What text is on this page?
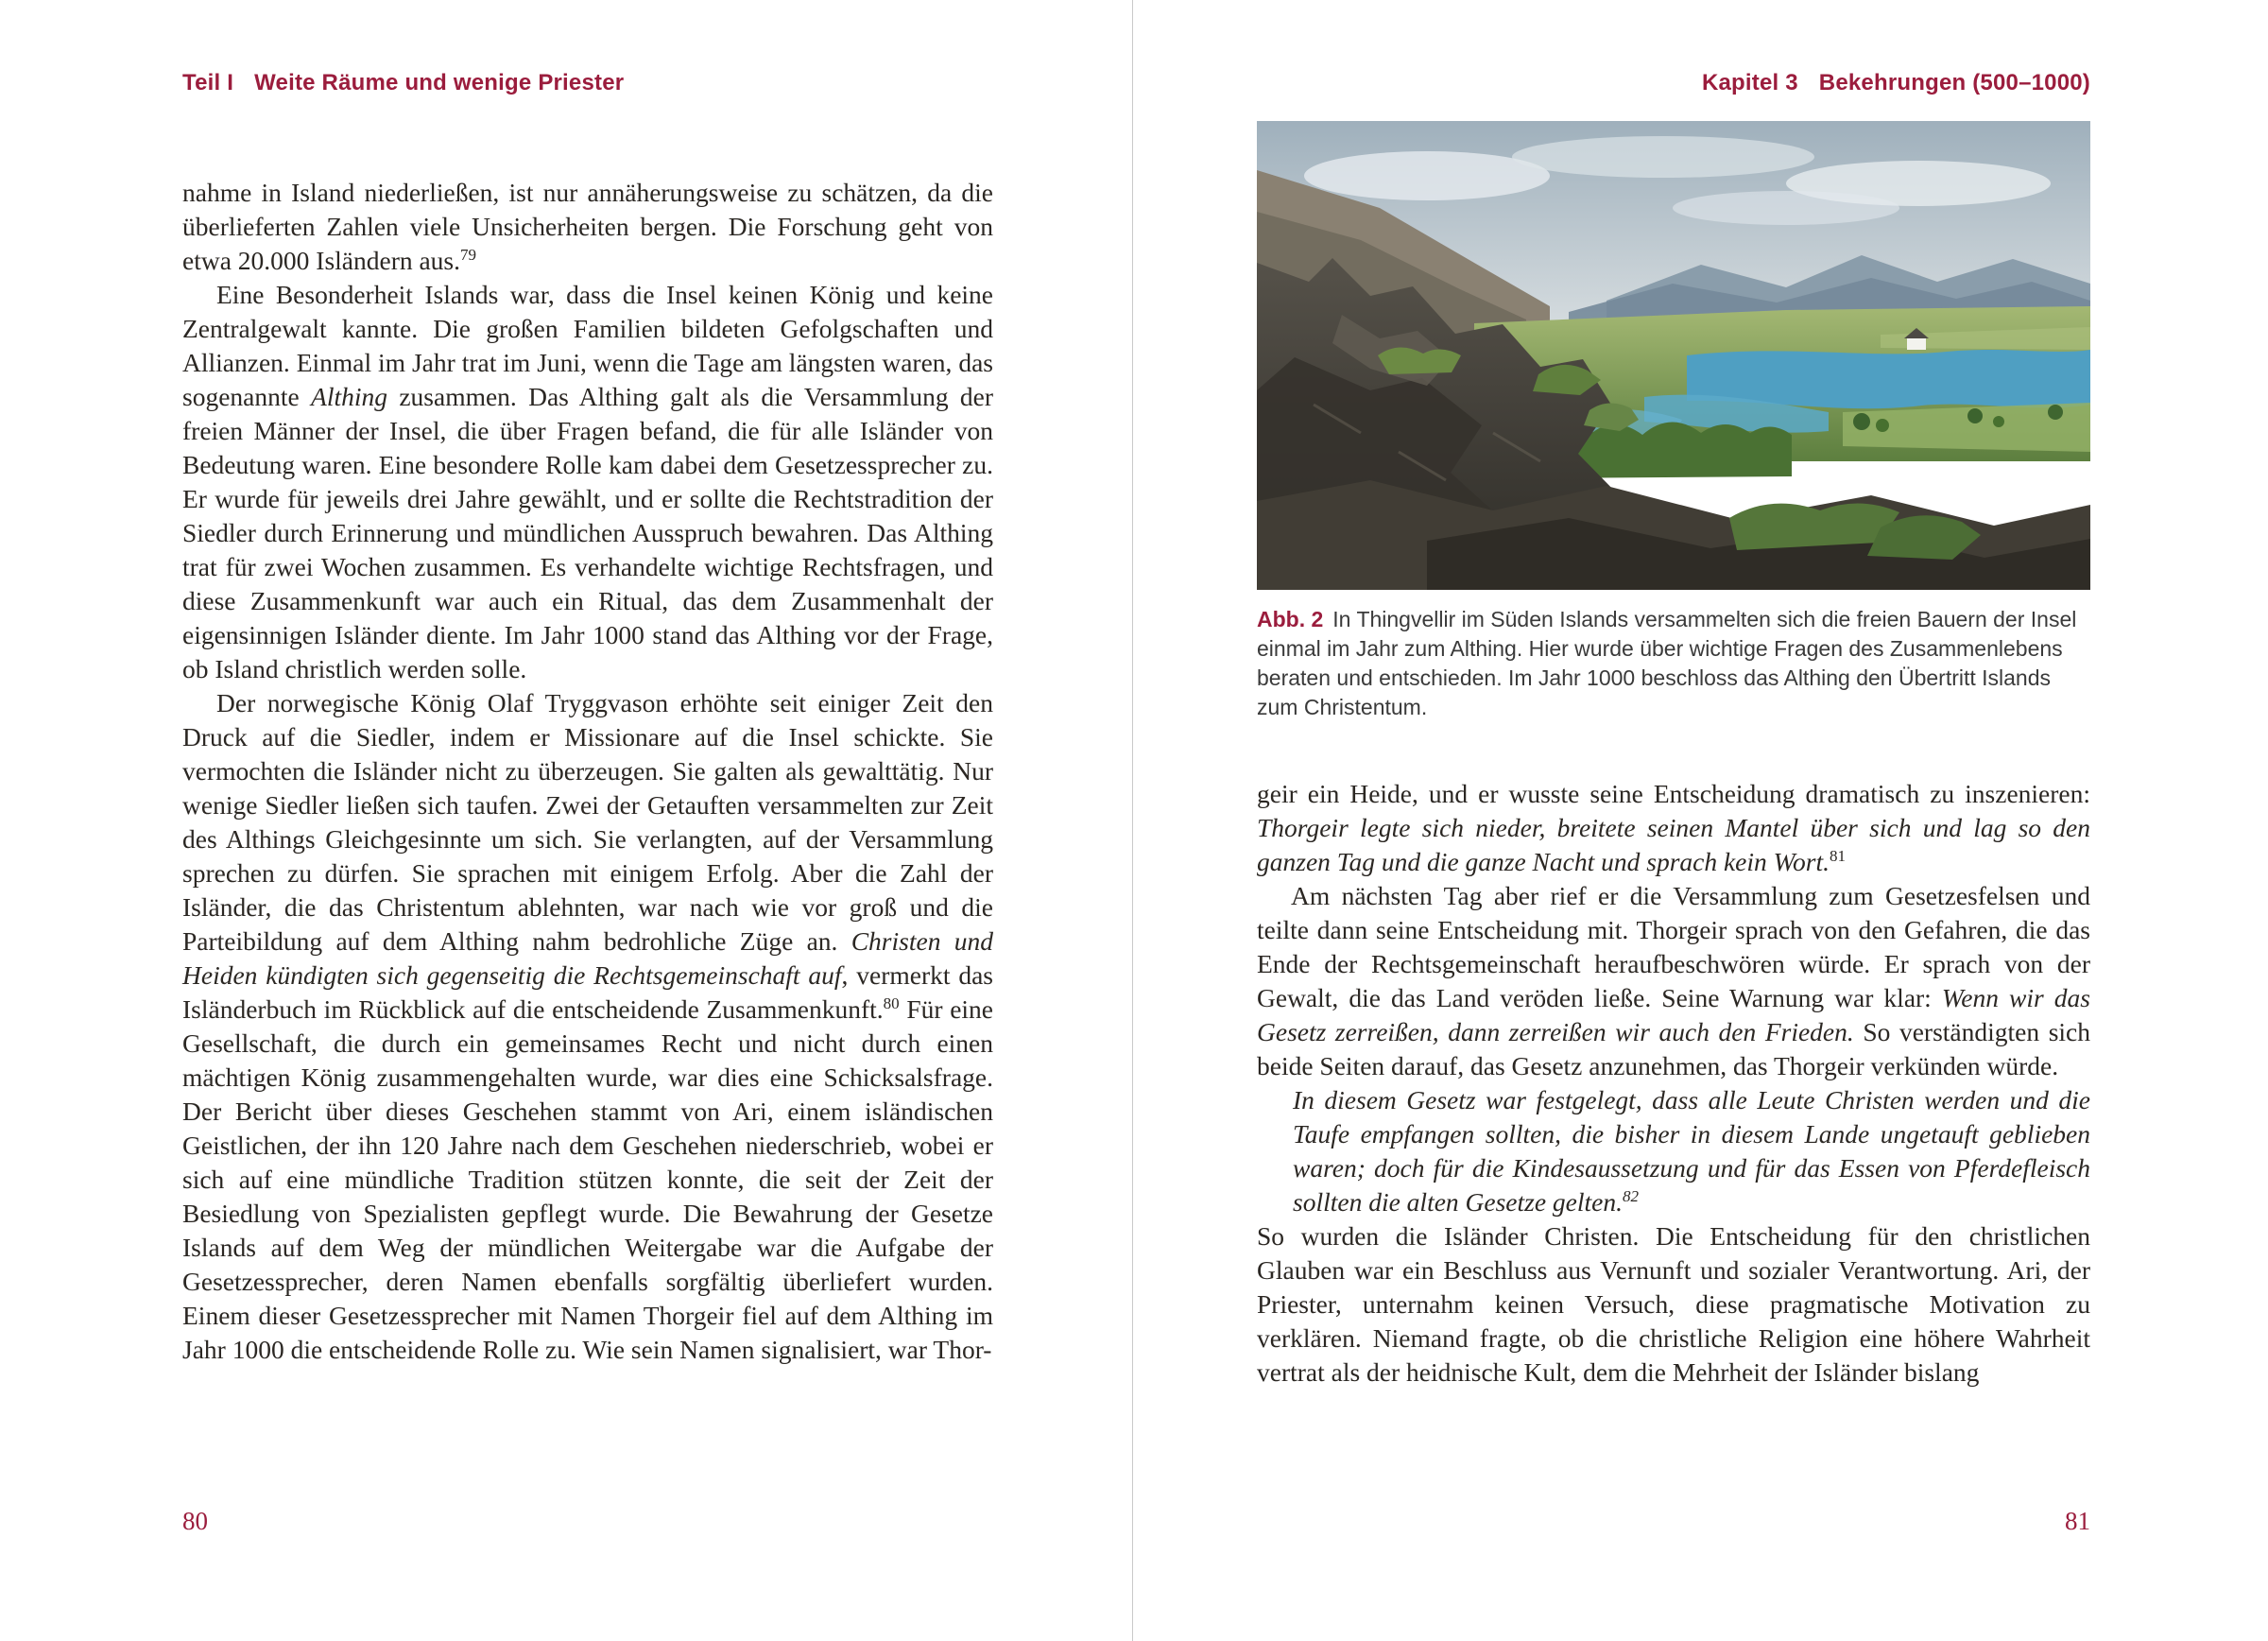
Teil I Weite Räume und wenige Priester

nahme in Island niederließen, ist nur annäherungsweise zu schätzen, da die überlieferten Zahlen viele Unsicherheiten bergen. Die Forschung geht von etwa 20.000 Isländern aus.$^{79}$

Eine Besonderheit Islands war, dass die Insel keinen König und keine Zentralgewalt kannte. Die großen Familien bildeten Gefolgschaften und Allianzen. Einmal im Jahr trat im Juni, wenn die Tage am längsten waren, das sogenannte Althing zusammen. Das Althing galt als die Versammlung der freien Männer der Insel, die über Fragen befand, die für alle Isländer von Bedeutung waren. Eine besondere Rolle kam dabei dem Gesetzessprecher zu. Er wurde für jeweils drei Jahre gewählt, und er sollte die Rechtstradition der Siedler durch Erinnerung und mündlichen Ausspruch bewahren. Das Althing trat für zwei Wochen zusammen. Es verhandelte wichtige Rechtsfragen, und diese Zusammenkunft war auch ein Ritual, das dem Zusammenhalt der eigensinnigen Isländer diente. Im Jahr 1000 stand das Althing vor der Frage, ob Island christlich werden solle.

Der norwegische König Olaf Tryggvason erhöhte seit einiger Zeit den Druck auf die Siedler, indem er Missionare auf die Insel schickte. Sie vermochten die Isländer nicht zu überzeugen. Sie galten als gewalttätig. Nur wenige Siedler ließen sich taufen. Zwei der Getauften versammelten zur Zeit des Althings Gleichgesinnte um sich. Sie verlangten, auf der Versammlung sprechen zu dürfen. Sie sprachen mit einigem Erfolg. Aber die Zahl der Isländer, die das Christentum ablehnten, war nach wie vor groß und die Parteibildung auf dem Althing nahm bedrohliche Züge an. Christen und Heiden kündigten sich gegenseitig die Rechtsgemeinschaft auf, vermerkt das Isländerbuch im Rückblick auf die entscheidende Zusammenkunft.$^{80}$ Für eine Gesellschaft, die durch ein gemeinsames Recht und nicht durch einen mächtigen König zusammengehalten wurde, war dies eine Schicksalsfrage. Der Bericht über dieses Geschehen stammt von Ari, einem isländischen Geistlichen, der ihn 120 Jahre nach dem Geschehen niederschrieb, wobei er sich auf eine mündliche Tradition stützen konnte, die seit der Zeit der Besiedlung von Spezialisten gepflegt wurde. Die Bewahrung der Gesetze Islands auf dem Weg der mündlichen Weitergabe war die Aufgabe der Gesetzessprecher, deren Namen ebenfalls sorgfältig überliefert wurden. Einem dieser Gesetzessprecher mit Namen Thorgeir fiel auf dem Althing im Jahr 1000 die entscheidende Rolle zu. Wie sein Namen signalisiert, war Thor-

80
Kapitel 3 Bekehrungen (500–1000)
Abb. 2 In Thingvellir im Süden Islands versammelten sich die freien Bauern der Insel einmal im Jahr zum Althing. Hier wurde über wichtige Fragen des Zusammenlebens beraten und entschieden. Im Jahr 1000 beschloss das Althing den Übertritt Islands zum Christentum.

geir ein Heide, und er wusste seine Entscheidung dramatisch zu inszenieren: Thorgeir legte sich nieder, breitete seinen Mantel über sich und lag so den ganzen Tag und die ganze Nacht und sprach kein Wort.$^{81}$

Am nächsten Tag aber rief er die Versammlung zum Gesetzesfelsen und teilte dann seine Entscheidung mit. Thorgeir sprach von den Gefahren, die das Ende der Rechtsgemeinschaft heraufbeschwören würde. Er sprach von der Gewalt, die das Land veröden ließe. Seine Warnung war klar: Wenn wir das Gesetz zerreißen, dann zerreißen wir auch den Frieden. So verständigten sich beide Seiten darauf, das Gesetz anzunehmen, das Thorgeir verkünden würde.

In diesem Gesetz war festgelegt, dass alle Leute Christen werden und die Taufe empfangen sollten, die bisher in diesem Lande ungetauft geblieben waren; doch für die Kindesaussetzung und für das Essen von Pferdefleisch sollten die alten Gesetze gelten.$^{82}$

So wurden die Isländer Christen. Die Entscheidung für den christlichen Glauben war ein Beschluss aus Vernunft und sozialer Verantwortung. Ari, der Priester, unternahm keinen Versuch, diese pragmatische Motivation zu verklären. Niemand fragte, ob die christliche Religion eine höhere Wahrheit vertrat als der heidnische Kult, dem die Mehrheit der Isländer bislang

81
